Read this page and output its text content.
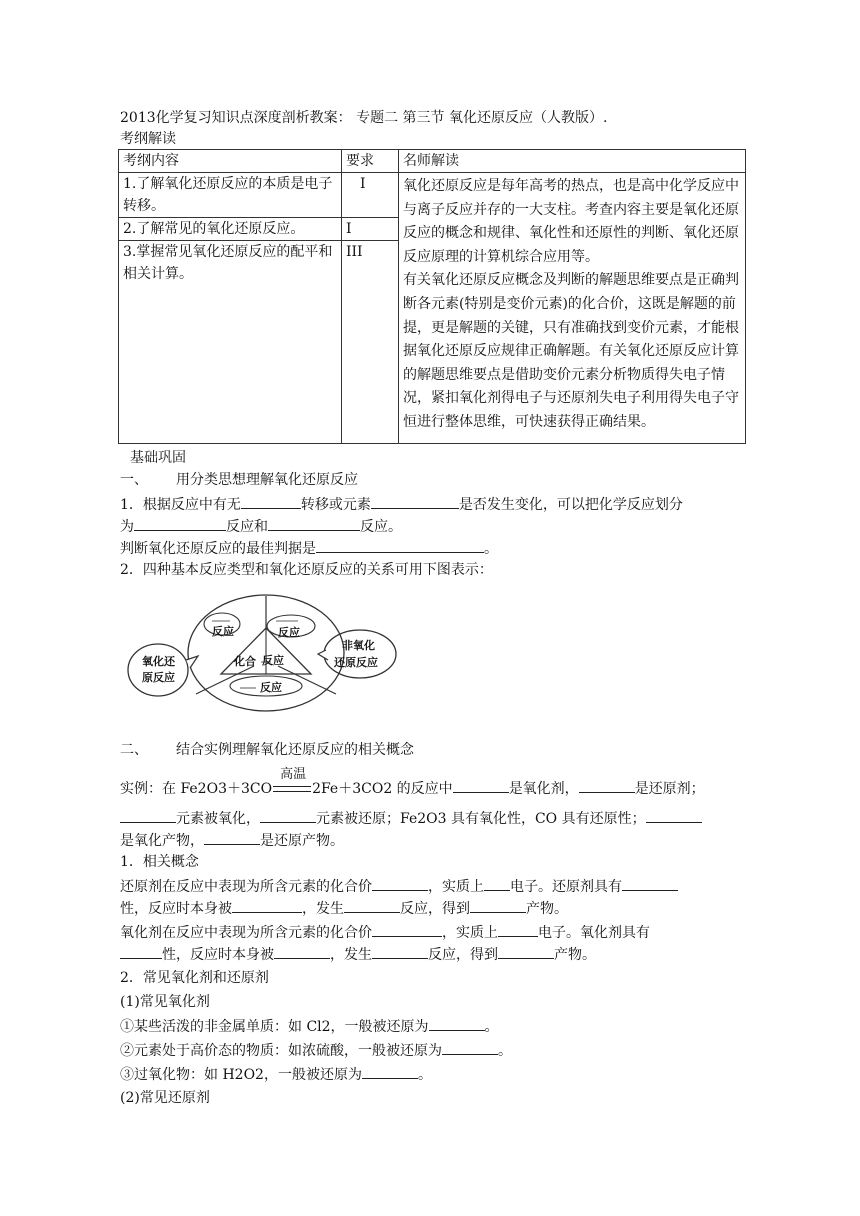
2013化学复习知识点深度剖析教案： 专题二 第三节 氧化还原反应（人教版）.
考纲解读
考纲内容	要求	名师解读
1.了解氧化还原反应的本质是电子转移。	Ⅰ	氧化还原反应是每年高考的热点，也是高中化学反应中与离子反应并存的一大支柱。考查内容主要是氧化还原反应的概念和规律、氧化性和还原性的判断、氧化还原反应原理的计算机综合应用等。
有关氧化还原反应概念及判断的解题思维要点是正确判断各元素(特别是变价元素)的化合价，这既是解题的前提，更是解题的关键，只有准确找到变价元素，才能根据氧化还原反应规律正确解题。有关氧化还原反应计算的解题思维要点是借助变价元素分析物质得失电子情况，紧扣氧化剂得电子与还原剂失电子利用得失电子守恒进行整体思维，可快速获得正确结果。

2.了解常见的氧化还原反应。	I	
3.掌握常见氧化还原反应的配平和相关计算。	III	
基础巩固
一、 用分类思想理解氧化还原反应
1．根据反应中有无	转移或元素	是否发生变化，可以把化学反应划分
为	反应和	反应。
判断氧化还原反应的最佳判据是	。
2．四种基本反应类型和氧化还原反应的关系可用下图表示：
氧化还
原反应
非氧化
还原反应
反应	反应
化合 反应
反应
二、 结合实例理解氧化还原反应的相关概念
实例：在 Fe2O3＋3CO
高温
2Fe＋3CO2 的反应中	是氧化剂，	是还原剂；
元素被氧化，	元素被还原；Fe2O3 具有氧化性，CO 具有还原性；
是氧化产物，	是还原产物。
1．相关概念
还原剂在反应中表现为所含元素的化合价	，实质上 电子。还原剂具有
性，反应时本身被	，发生	反应，得到	产物。
氧化剂在反应中表现为所含元素的化合价	，实质上	电子。氧化剂具有
性，反应时本身被	，发生	反应，得到	产物。
2．常见氧化剂和还原剂
(1)常见氧化剂
①某些活泼的非金属单质：如 Cl2，一般被还原为	。
②元素处于高价态的物质：如浓硫酸，一般被还原为	。
③过氧化物：如 H2O2，一般被还原为	。
(2)常见还原剂
